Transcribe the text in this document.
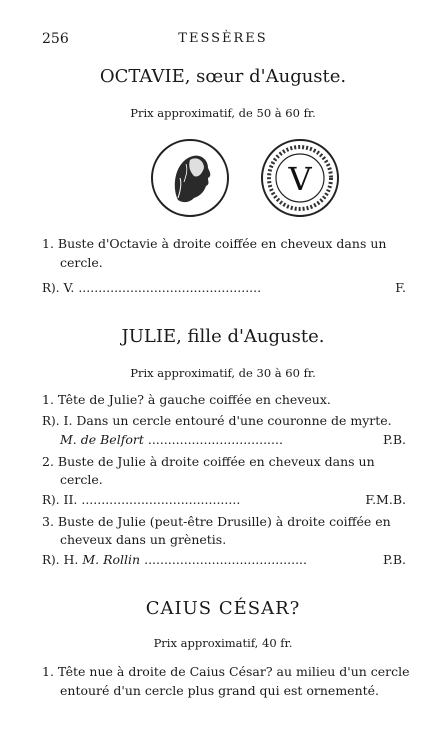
256	TESSÈRES
OCTAVIE, sœur d'Auguste.
Prix approximatif, de 50 à 60 fr.
V
1. Buste d'Octavie à droite coiffée en cheveux dans un
cercle.
R). V. ..............................................	F.
JULIE, fille d'Auguste.
Prix approximatif, de 30 à 60 fr.
1. Tête de Julie? à gauche coiffée en cheveux.
R). I. Dans un cercle entouré d'une couronne de myrte.
M. de Belfort ..................................	P.B.
2. Buste de Julie à droite coiffée en cheveux dans un
cercle.
R). II. ........................................	F.M.B.
3. Buste de Julie (peut-être Drusille) à droite coiffée en
cheveux dans un grènetis.
R). H. M. Rollin .........................................	P.B.
CAIUS CÉSAR?
Prix approximatif, 40 fr.
1. Tête nue à droite de Caius César? au milieu d'un cercle
entouré d'un cercle plus grand qui est ornementé.
